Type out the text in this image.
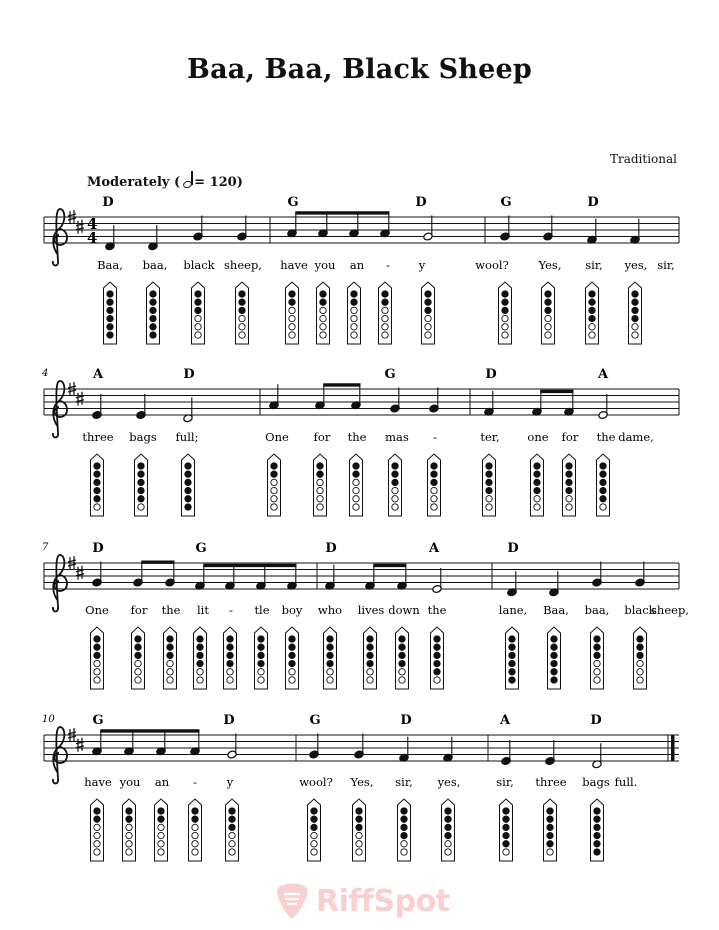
Baa, Baa, Black Sheep
Traditional
Moderately ( = 120)
4
4
D	G	D	G	D
Baa, baa, black sheep, have you an -	y	wool?	Yes, sir, yes, sir,
4	A	D	G	D	A
three bags full;	One for the mas -	ter, one for the dame,
7	D	G	D	A	D
One for the lit - tle boy who lives down the	lane, Baa, baa, black
sheep,
10	G	D	G	D	A	D
have you an -	y	wool? Yes, sir, yes,	sir, three bags full.
RiffSpot
